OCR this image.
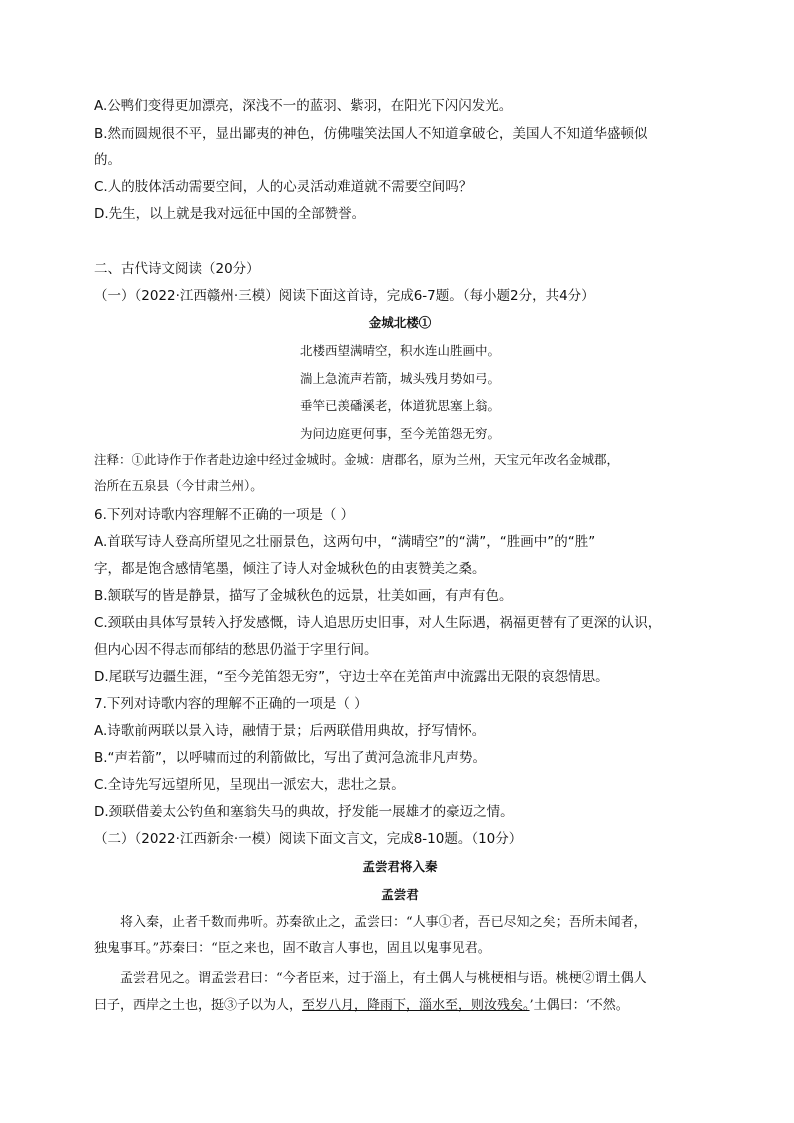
A.公鸭们变得更加漂亮，深浅不一的蓝羽、紫羽，在阳光下闪闪发光。
B.然而圆规很不平，显出鄙夷的神色，仿佛嗤笑法国人不知道拿破仑，美国人不知道华盛顿似
的。
C.人的肢体活动需要空间，人的心灵活动难道就不需要空间吗？
D.先生，以上就是我对远征中国的全部赞誉。
二、古代诗文阅读（20分）
（一）（2022·江西赣州·三模）阅读下面这首诗，完成6-7题。（每小题2分，共4分）
金城北楼①
北楼西望满晴空，积水连山胜画中。
湍上急流声若箭，城头残月势如弓。
垂竿已羡磻溪老，体道犹思塞上翁。
为问边庭更何事，至今羌笛怨无穷。
注释：①此诗作于作者赴边途中经过金城时。金城：唐郡名，原为兰州，天宝元年改名金城郡，
治所在五泉县（今甘肃兰州）。
6.下列对诗歌内容理解不正确的一项是（ ）
A.首联写诗人登高所望见之壮丽景色，这两句中，“满晴空”的“满”，“胜画中”的“胜”
字，都是饱含感情笔墨，倾注了诗人对金城秋色的由衷赞美之桑。
B.颔联写的皆是静景，描写了金城秋色的远景，壮美如画，有声有色。
C.颈联由具体写景转入抒发感慨，诗人追思历史旧事，对人生际遇，祸福更替有了更深的认识，
但内心因不得志而郁结的愁思仍溢于字里行间。
D.尾联写边疆生涯，“至今羌笛怨无穷”，守边士卒在羌笛声中流露出无限的哀怨情思。
7.下列对诗歌内容的理解不正确的一项是（ ）
A.诗歌前两联以景入诗，融情于景；后两联借用典故，抒写情怀。
B.“声若箭”，以呼啸而过的利箭做比，写出了黄河急流非凡声势。
C.全诗先写远望所见，呈现出一派宏大，悲壮之景。
D.颈联借姜太公钓鱼和塞翁失马的典故，抒发能一展雄才的豪迈之情。
（二）（2022·江西新余·一模）阅读下面文言文，完成8-10题。（10分）
孟尝君将入秦
孟尝君
将入秦，止者千数而弗听。苏秦欲止之，孟尝曰：“人事①者，吾已尽知之矣；吾所未闻者，
独鬼事耳。”苏秦曰：“臣之来也，固不敢言人事也，固且以鬼事见君。
孟尝君见之。谓孟尝君曰：“今者臣来，过于淄上，有土偶人与桃梗相与语。桃梗②谓土偶人
曰子，西岸之土也，挺③子以为人，至岁八月，降雨下，淄水至，则汝残矣。’土偶曰：‘不然。
